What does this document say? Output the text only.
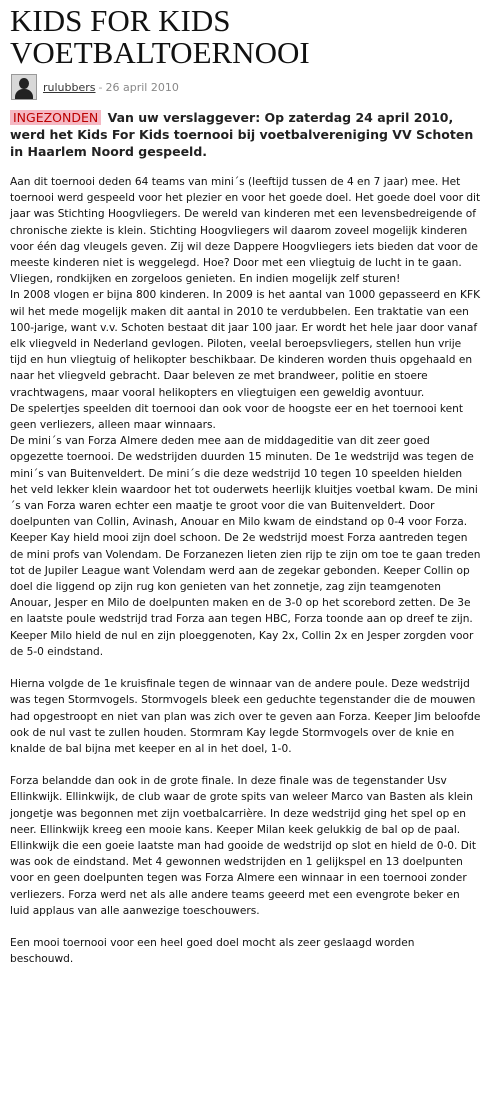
KIDS FOR KIDS VOETBALTOERNOOI
rulubbers - 26 april 2010
INGEZONDEN Van uw verslaggever: Op zaterdag 24 april 2010, werd het Kids For Kids toernooi bij voetbalvereniging VV Schoten in Haarlem Noord gespeeld.

Aan dit toernooi deden 64 teams van mini´s (leeftijd tussen de 4 en 7 jaar) mee. Het toernooi werd gespeeld voor het plezier en voor het goede doel. Het goede doel voor dit jaar was Stichting Hoogvliegers. De wereld van kinderen met een levensbedreigende of chronische ziekte is klein. Stichting Hoogvliegers wil daarom zoveel mogelijk kinderen voor één dag vleugels geven. Zij wil deze Dappere Hoogvliegers iets bieden dat voor de meeste kinderen niet is weggelegd. Hoe? Door met een vliegtuig de lucht in te gaan. Vliegen, rondkijken en zorgeloos genieten. En indien mogelijk zelf sturen!

In 2008 vlogen er bijna 800 kinderen. In 2009 is het aantal van 1000 gepasseerd en KFK wil het mede mogelijk maken dit aantal in 2010 te verdubbelen. Een traktatie van een 100-jarige, want v.v. Schoten bestaat dit jaar 100 jaar. Er wordt het hele jaar door vanaf elk vliegveld in Nederland gevlogen. Piloten, veelal beroepsvliegers, stellen hun vrije tijd en hun vliegtuig of helikopter beschikbaar. De kinderen worden thuis opgehaald en naar het vliegveld gebracht. Daar beleven ze met brandweer, politie en stoere vrachtwagens, maar vooral helikopters en vliegtuigen een geweldig avontuur.

De spelertjes speelden dit toernooi dan ook voor de hoogste eer en het toernooi kent geen verliezers, alleen maar winnaars.

De mini´s van Forza Almere deden mee aan de middageditie van dit zeer goed opgezette toernooi. De wedstrijden duurden 15 minuten. De 1e wedstrijd was tegen de mini´s van Buitenveldert. De mini´s die deze wedstrijd 10 tegen 10 speelden hielden het veld lekker klein waardoor het tot ouderwets heerlijk kluitjes voetbal kwam. De mini´s van Forza waren echter een maatje te groot voor die van Buitenveldert. Door doelpunten van Collin, Avinash, Anouar en Milo kwam de eindstand op 0-4 voor Forza. Keeper Kay hield mooi zijn doel schoon. De 2e wedstrijd moest Forza aantreden tegen de mini profs van Volendam. De Forzanezen lieten zien rijp te zijn om toe te gaan treden tot de Jupiler League want Volendam werd aan de zegekar gebonden. Keeper Collin op doel die liggend op zijn rug kon genieten van het zonnetje, zag zijn teamgenoten Anouar, Jesper en Milo de doelpunten maken en de 3-0 op het scorebord zetten. De 3e en laatste poule wedstrijd trad Forza aan tegen HBC, Forza toonde aan op dreef te zijn. Keeper Milo hield de nul en zijn ploeggenoten, Kay 2x, Collin 2x en Jesper zorgden voor de 5-0 eindstand.

Hierna volgde de 1e kruisfinale tegen de winnaar van de andere poule. Deze wedstrijd was tegen Stormvogels. Stormvogels bleek een geduchte tegenstander die de mouwen had opgestroopt en niet van plan was zich over te geven aan Forza. Keeper Jim beloofde ook de nul vast te zullen houden. Stormram Kay legde Stormvogels over de knie en knalde de bal bijna met keeper en al in het doel, 1-0.

Forza belandde dan ook in de grote finale. In deze finale was de tegenstander Usv Ellinkwijk. Ellinkwijk, de club waar de grote spits van weleer Marco van Basten als klein jongetje was begonnen met zijn voetbalcarrière. In deze wedstrijd ging het spel op en neer. Ellinkwijk kreeg een mooie kans. Keeper Milan keek gelukkig de bal op de paal. Ellinkwijk die een goeie laatste man had gooide de wedstrijd op slot en hield de 0-0. Dit was ook de eindstand. Met 4 gewonnen wedstrijden en 1 gelijkspel en 13 doelpunten voor en geen doelpunten tegen was Forza Almere een winnaar in een toernooi zonder verliezers. Forza werd net als alle andere teams geeerd met een evengrote beker en luid applaus van alle aanwezige toeschouwers.

Een mooi toernooi voor een heel goed doel mocht als zeer geslaagd worden beschouwd.
